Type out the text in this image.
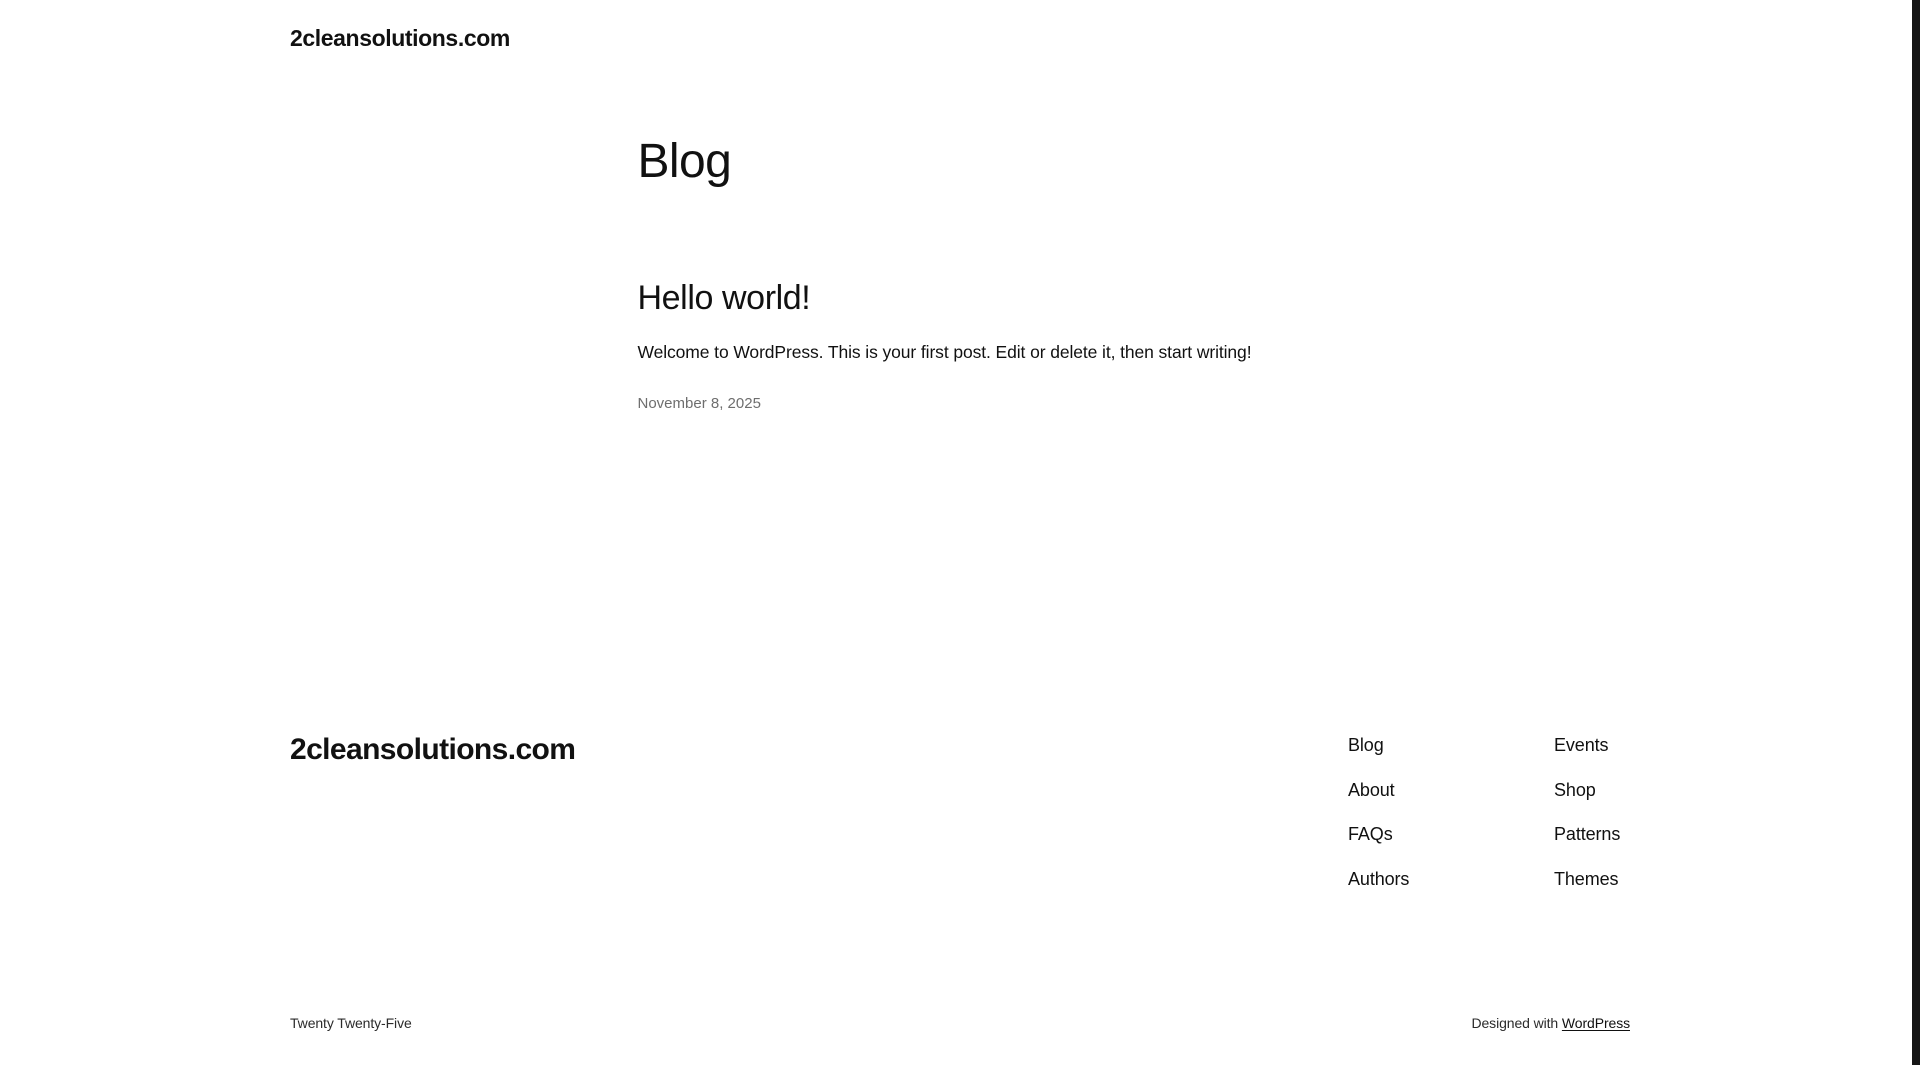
2cleansolutions.com
Blog
Hello world!

Welcome to WordPress. This is your first post. Edit or delete it, then start writing!

November 8, 2025
2cleansolutions.com	Blog
About
FAQs
Authors
Events
Shop
Patterns
Themes
Twenty Twenty-Five	Designed with WordPress
